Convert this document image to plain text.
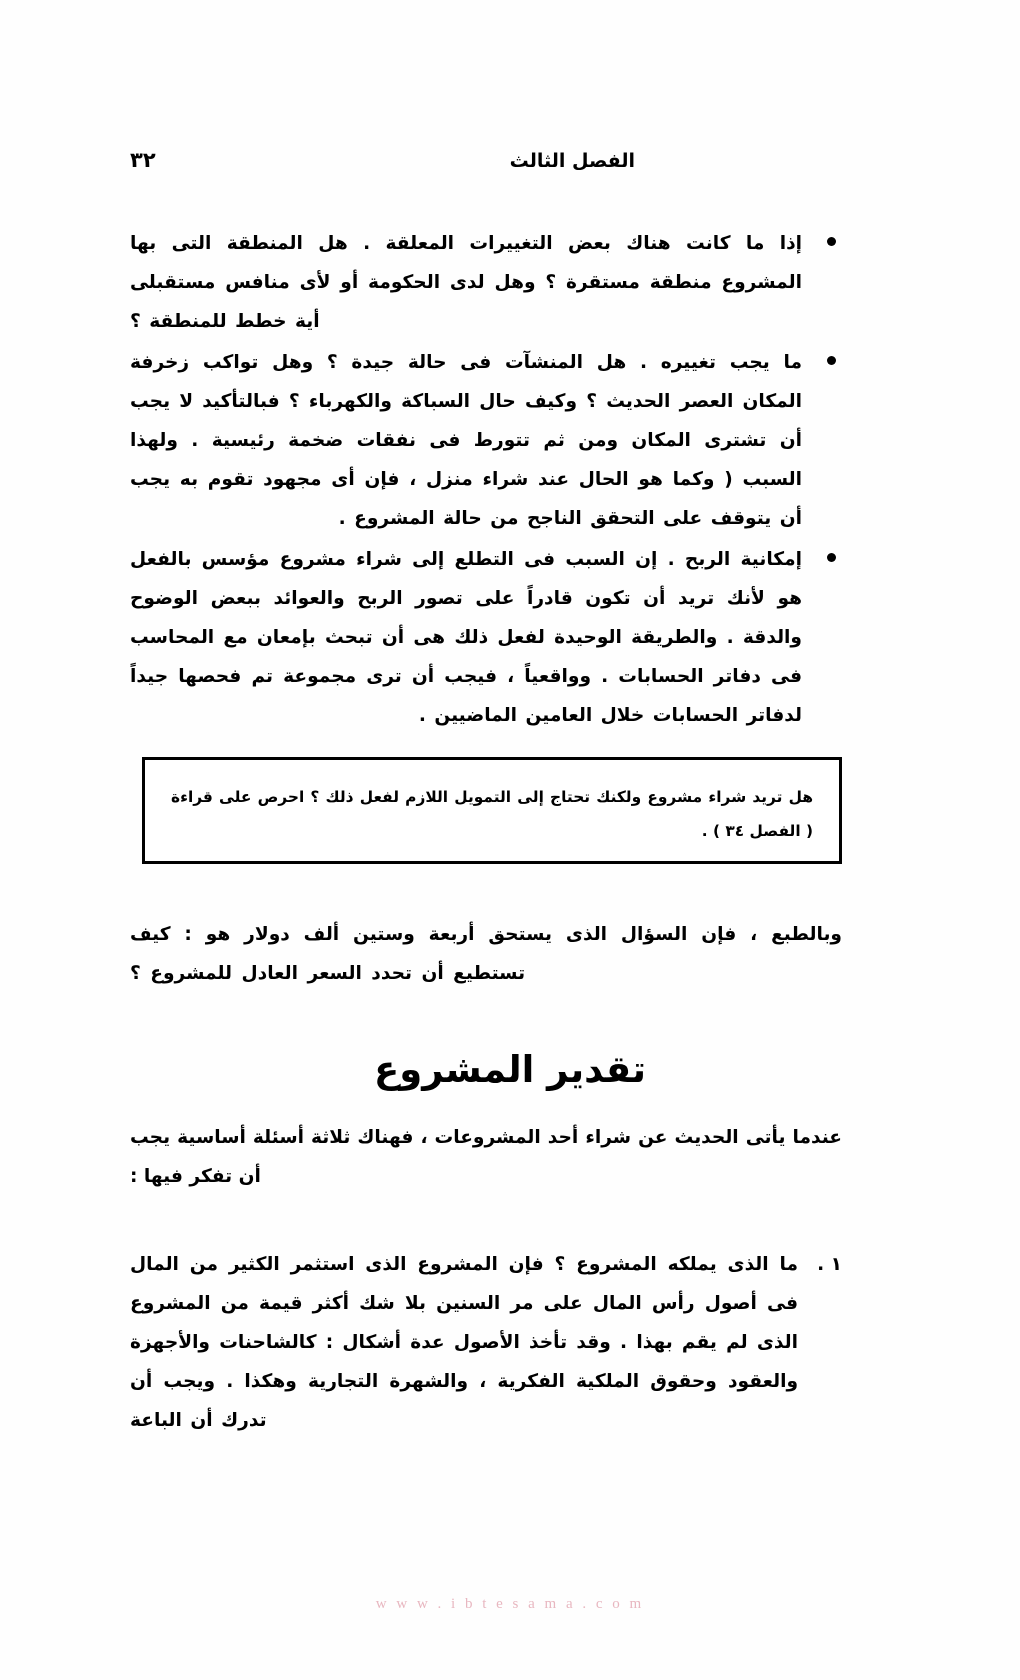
الفصل الثالث
٣٢
إذا ما كانت هناك بعض التغييرات المعلقة . هل المنطقة التى بها المشروع منطقة مستقرة ؟ وهل لدى الحكومة أو لأى منافس مستقبلى أية خطط للمنطقة ؟
ما يجب تغييره . هل المنشآت فى حالة جيدة ؟ وهل تواكب زخرفة المكان العصر الحديث ؟ وكيف حال السباكة والكهرباء ؟ فبالتأكيد لا يجب أن تشترى المكان ومن ثم تتورط فى نفقات ضخمة رئيسية . ولهذا السبب ( وكما هو الحال عند شراء منزل ، فإن أى مجهود تقوم به يجب أن يتوقف على التحقق الناجح من حالة المشروع .
إمكانية الربح . إن السبب فى التطلع إلى شراء مشروع مؤسس بالفعل هو لأنك تريد أن تكون قادراً على تصور الربح والعوائد ببعض الوضوح والدقة . والطريقة الوحيدة لفعل ذلك هى أن تبحث بإمعان مع المحاسب فى دفاتر الحسابات . وواقعياً ، فيجب أن ترى مجموعة تم فحصها جيداً لدفاتر الحسابات خلال العامين الماضيين .
هل تريد شراء مشروع ولكنك تحتاج إلى التمويل اللازم لفعل ذلك ؟ احرص على قراءة ( الفصل ٣٤ ) .
وبالطبع ، فإن السؤال الذى يستحق أربعة وستين ألف دولار هو : كيف تستطيع أن تحدد السعر العادل للمشروع ؟
تقدير المشروع
عندما يأتى الحديث عن شراء أحد المشروعات ، فهناك ثلاثة أسئلة أساسية يجب أن تفكر فيها :
١ .
ما الذى يملكه المشروع ؟ فإن المشروع الذى استثمر الكثير من المال فى أصول رأس المال على مر السنين بلا شك أكثر قيمة من المشروع الذى لم يقم بهذا . وقد تأخذ الأصول عدة أشكال : كالشاحنات والأجهزة والعقود وحقوق الملكية الفكرية ، والشهرة التجارية وهكذا . ويجب أن تدرك أن الباعة
w w w . i b t e s a m a . c o m
